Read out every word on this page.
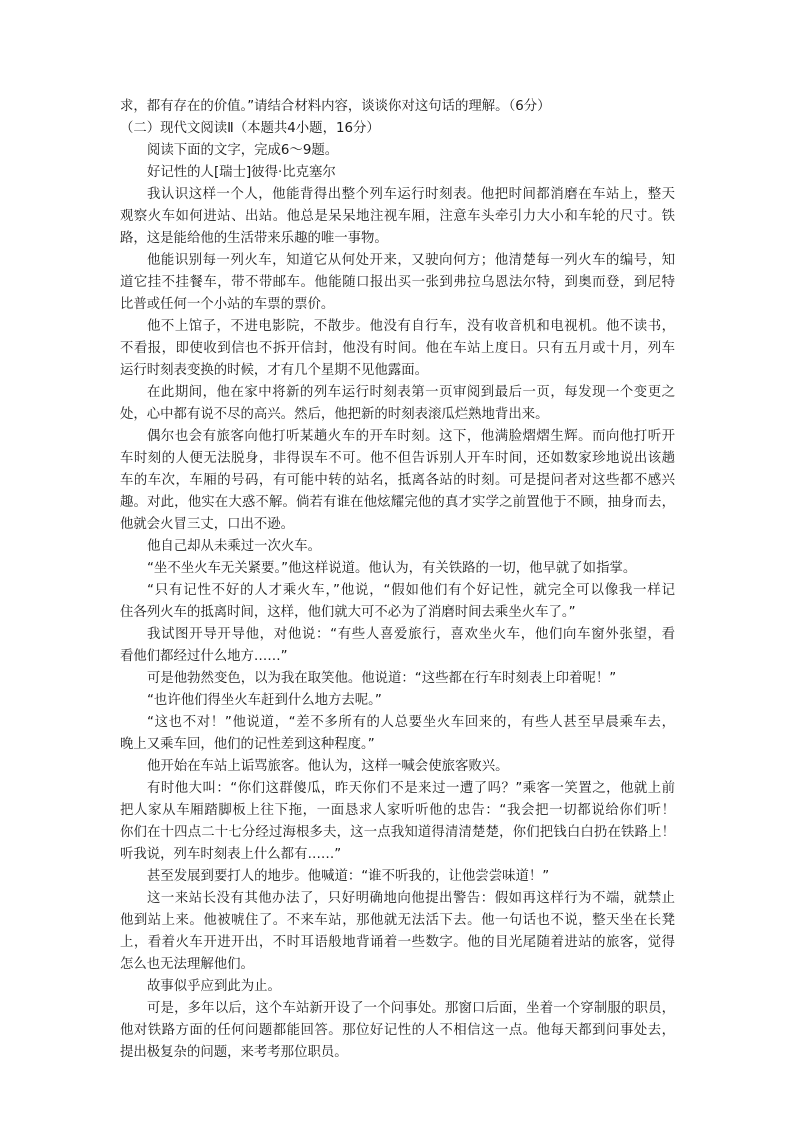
求，都有存在的价值。”请结合材料内容，谈谈你对这句话的理解。（6分）
（二）现代文阅读Ⅱ（本题共4小题，16分）
阅读下面的文字，完成6～9题。
好记性的人[瑞士]彼得·比克塞尔
我认识这样一个人，他能背得出整个列车运行时刻表。他把时间都消磨在车站上，整天
观察火车如何进站、出站。他总是呆呆地注视车厢，注意车头牵引力大小和车轮的尺寸。铁
路，这是能给他的生活带来乐趣的唯一事物。
他能识别每一列火车，知道它从何处开来，又驶向何方；他清楚每一列火车的编号，知
道它挂不挂餐车，带不带邮车。他能随口报出买一张到弗拉乌恩法尔特，到奥而登，到尼特
比普或任何一个小站的车票的票价。
他不上馆子，不进电影院，不散步。他没有自行车，没有收音机和电视机。他不读书，
不看报，即使收到信也不拆开信封，他没有时间。他在车站上度日。只有五月或十月，列车
运行时刻表变换的时候，才有几个星期不见他露面。
在此期间，他在家中将新的列车运行时刻表第一页审阅到最后一页，每发现一个变更之
处，心中都有说不尽的高兴。然后，他把新的时刻表滚瓜烂熟地背出来。
偶尔也会有旅客向他打听某趟火车的开车时刻。这下，他满脸熠熠生辉。而向他打听开
车时刻的人便无法脱身，非得误车不可。他不但告诉别人开车时间，还如数家珍地说出该趟
车的车次，车厢的号码，有可能中转的站名，抵离各站的时刻。可是提问者对这些都不感兴
趣。对此，他实在大惑不解。倘若有谁在他炫耀完他的真才实学之前置他于不顾，抽身而去，
他就会火冒三丈，口出不逊。
他自己却从未乘过一次火车。
“坐不坐火车无关紧要。”他这样说道。他认为，有关铁路的一切，他早就了如指掌。
“只有记性不好的人才乘火车，”他说，“假如他们有个好记性，就完全可以像我一样记
住各列火车的抵离时间，这样，他们就大可不必为了消磨时间去乘坐火车了。”
我试图开导开导他，对他说：“有些人喜爱旅行，喜欢坐火车，他们向车窗外张望，看
看他们都经过什么地方……”
可是他勃然变色，以为我在取笑他。他说道：“这些都在行车时刻表上印着呢！”
“也许他们得坐火车赶到什么地方去呢。”
“这也不对！”他说道，“差不多所有的人总要坐火车回来的，有些人甚至早晨乘车去，
晚上又乘车回，他们的记性差到这种程度。”
他开始在车站上诟骂旅客。他认为，这样一喊会使旅客败兴。
有时他大叫：“你们这群傻瓜，昨天你们不是来过一遭了吗？”乘客一笑置之，他就上前
把人家从车厢踏脚板上往下拖，一面恳求人家听听他的忠告：“我会把一切都说给你们听！
你们在十四点二十七分经过海根多夫，这一点我知道得清清楚楚，你们把钱白白扔在铁路上！
听我说，列车时刻表上什么都有……”
甚至发展到要打人的地步。他喊道：“谁不听我的，让他尝尝味道！”
这一来站长没有其他办法了，只好明确地向他提出警告：假如再这样行为不端，就禁止
他到站上来。他被唬住了。不来车站，那他就无法活下去。他一句话也不说，整天坐在长凳
上，看着火车开进开出，不时耳语般地背诵着一些数字。他的目光尾随着进站的旅客，觉得
怎么也无法理解他们。
故事似乎应到此为止。
可是，多年以后，这个车站新开设了一个问事处。那窗口后面，坐着一个穿制服的职员，
他对铁路方面的任何问题都能回答。那位好记性的人不相信这一点。他每天都到问事处去，
提出极复杂的问题，来考考那位职员。
